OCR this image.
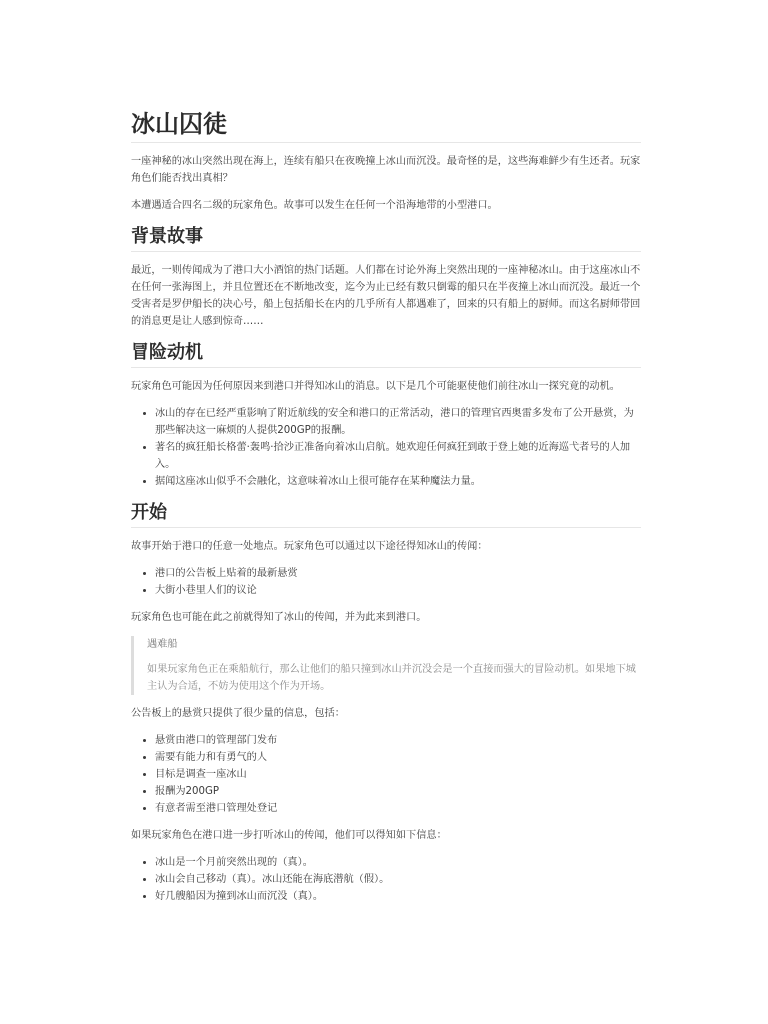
冰山囚徒

一座神秘的冰山突然出现在海上，连续有船只在夜晚撞上冰山而沉没。最奇怪的是，这些海难鲜少有生还者。玩家角色们能否找出真相？

本遭遇适合四名二级的玩家角色。故事可以发生在任何一个沿海地带的小型港口。

背景故事

最近，一则传闻成为了港口大小酒馆的热门话题。人们都在讨论外海上突然出现的一座神秘冰山。由于这座冰山不在任何一张海图上，并且位置还在不断地改变，迄今为止已经有数只倒霉的船只在半夜撞上冰山而沉没。最近一个受害者是罗伊船长的决心号，船上包括船长在内的几乎所有人都遇难了，回来的只有船上的厨师。而这名厨师带回的消息更是让人感到惊奇……

冒险动机

玩家角色可能因为任何原因来到港口并得知冰山的消息。以下是几个可能驱使他们前往冰山一探究竟的动机。

• 冰山的存在已经严重影响了附近航线的安全和港口的正常活动，港口的管理官西奥雷多发布了公开悬赏，为那些解决这一麻烦的人提供200GP的报酬。
• 著名的疯狂船长格蕾·轰鸣·拾沙正准备向着冰山启航。她欢迎任何疯狂到敢于登上她的近海巡弋者号的人加入。
• 据闻这座冰山似乎不会融化，这意味着冰山上很可能存在某种魔法力量。
开始

故事开始于港口的任意一处地点。玩家角色可以通过以下途径得知冰山的传闻：

• 港口的公告板上贴着的最新悬赏
• 大街小巷里人们的议论

玩家角色也可能在此之前就得知了冰山的传闻，并为此来到港口。

遇难船

如果玩家角色正在乘船航行，那么让他们的船只撞到冰山并沉没会是一个直接而强大的冒险动机。如果地下城主认为合适，不妨为使用这个作为开场。

公告板上的悬赏只提供了很少量的信息，包括：

• 悬赏由港口的管理部门发布
• 需要有能力和有勇气的人
• 目标是调查一座冰山
• 报酬为200GP
• 有意者需至港口管理处登记

如果玩家角色在港口进一步打听冰山的传闻，他们可以得知如下信息：

• 冰山是一个月前突然出现的（真）。
• 冰山会自己移动（真）。冰山还能在海底潜航（假）。
• 好几艘船因为撞到冰山而沉没（真）。
